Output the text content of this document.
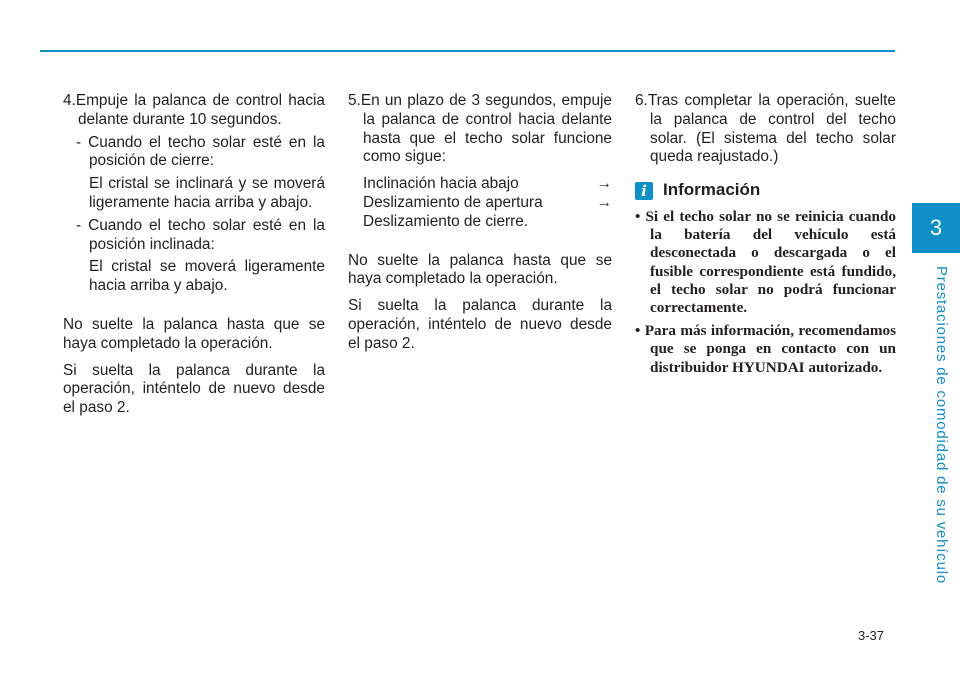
4.Empuje la palanca de control hacia delante durante 10 segundos.

- Cuando el techo solar esté en la posición de cierre:

El cristal se inclinará y se moverá ligeramente hacia arriba y abajo.

- Cuando el techo solar esté en la posición inclinada:

El cristal se moverá ligeramente hacia arriba y abajo.

No suelte la palanca hasta que se haya completado la operación.

Si suelta la palanca durante la operación, inténtelo de nuevo desde el paso 2.

5.En un plazo de 3 segundos, empuje la palanca de control hacia delante hasta que el techo solar funcione como sigue:

Inclinación hacia abajo	→
Deslizamiento de apertura	→
Deslizamiento de cierre.

No suelte la palanca hasta que se haya completado la operación.

Si suelta la palanca durante la operación, inténtelo de nuevo desde el paso 2.

6.Tras completar la operación, suelte la palanca de control del techo solar. (El sistema del techo solar queda reajustado.)

i Información

• Si el techo solar no se reinicia cuando la batería del vehículo está desconectada o descargada o el fusible correspondiente está fundido, el techo solar no podrá funcionar correctamente.

• Para más información, recomendamos que se ponga en contacto con un distribuidor HYUNDAI autorizado.

3
Prestaciones de comodidad de su vehículo
3-37
